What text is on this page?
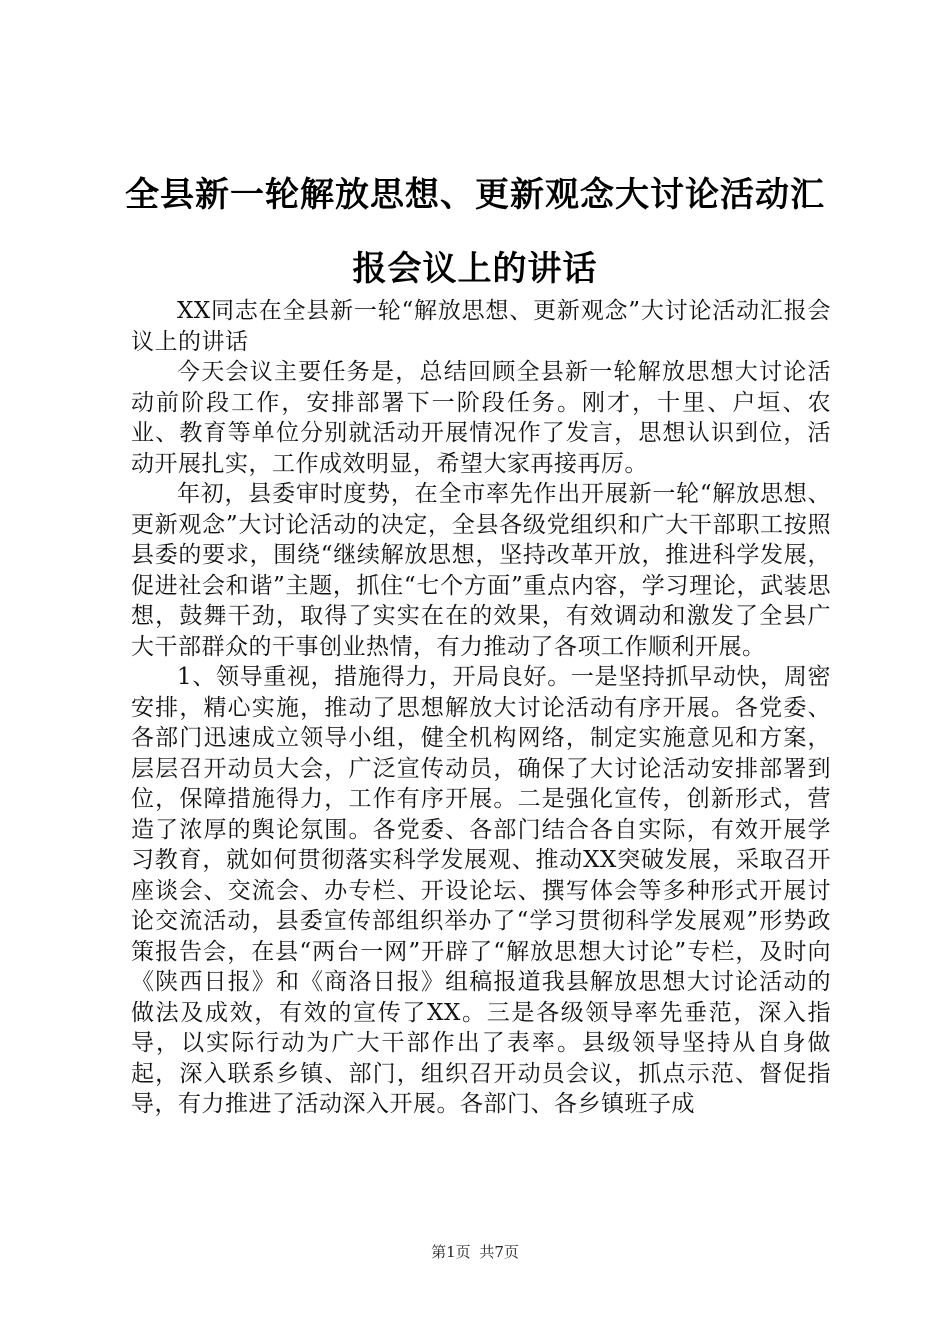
全县新一轮解放思想、更新观念大讨论活动汇报会议上的讲话

XX同志在全县新一轮“解放思想、更新观念”大讨论活动汇报会议上的讲话

今天会议主要任务是，总结回顾全县新一轮解放思想大讨论活动前阶段工作，安排部署下一阶段任务。刚才，十里、户垣、农业、教育等单位分别就活动开展情况作了发言，思想认识到位，活动开展扎实，工作成效明显，希望大家再接再厉。

年初，县委审时度势，在全市率先作出开展新一轮“解放思想、更新观念”大讨论活动的决定，全县各级党组织和广大干部职工按照县委的要求，围绕“继续解放思想，坚持改革开放，推进科学发展，促进社会和谐”主题，抓住“七个方面”重点内容，学习理论，武装思想，鼓舞干劲，取得了实实在在的效果，有效调动和激发了全县广大干部群众的干事创业热情，有力推动了各项工作顺利开展。

1、领导重视，措施得力，开局良好。一是坚持抓早动快，周密安排，精心实施，推动了思想解放大讨论活动有序开展。各党委、各部门迅速成立领导小组，健全机构网络，制定实施意见和方案，层层召开动员大会，广泛宣传动员，确保了大讨论活动安排部署到位，保障措施得力，工作有序开展。二是强化宣传，创新形式，营造了浓厚的舆论氛围。各党委、各部门结合各自实际，有效开展学习教育，就如何贯彻落实科学发展观、推动XX突破发展，采取召开座谈会、交流会、办专栏、开设论坛、撰写体会等多种形式开展讨论交流活动，县委宣传部组织举办了“学习贯彻科学发展观”形势政策报告会，在县“两台一网”开辟了“解放思想大讨论”专栏，及时向《陕西日报》和《商洛日报》组稿报道我县解放思想大讨论活动的做法及成效，有效的宣传了XX。三是各级领导率先垂范，深入指导，以实际行动为广大干部作出了表率。县级领导坚持从自身做起，深入联系乡镇、部门，组织召开动员会议，抓点示范、督促指导，有力推进了活动深入开展。各部门、各乡镇班子成

第1页 共7页
